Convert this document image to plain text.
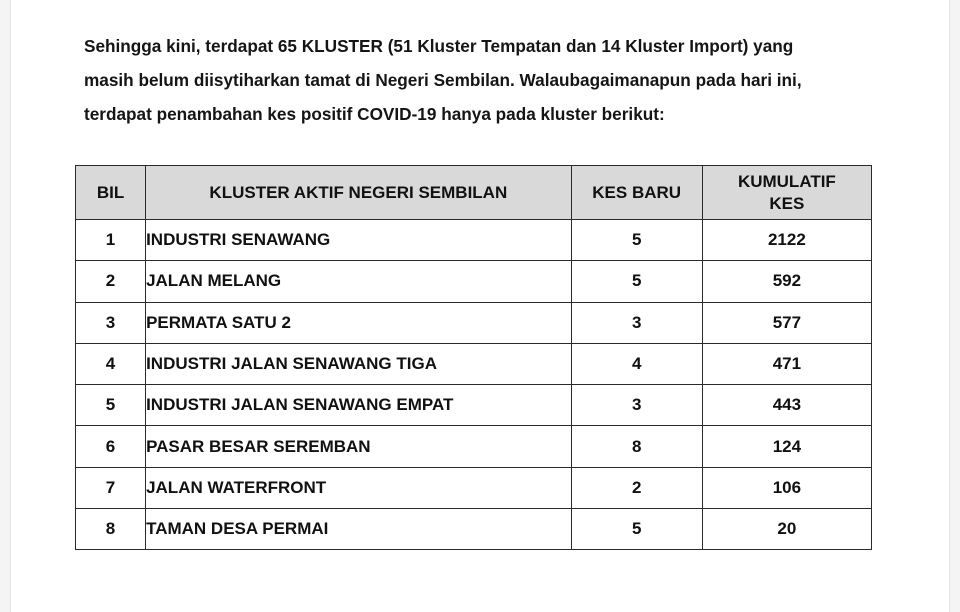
Sehingga kini, terdapat 65 KLUSTER (51 Kluster Tempatan dan 14 Kluster Import) yang
masih belum diisytiharkan tamat di Negeri Sembilan. Walaubagaimanapun pada hari ini,
terdapat penambahan kes positif COVID-19 hanya pada kluster berikut:

BIL	KLUSTER AKTIF NEGERI SEMBILAN	KES BARU	KUMULATIF
KES

1	INDUSTRI SENAWANG	5	2122
2	JALAN MELANG	5	592
3	PERMATA SATU 2	3	577
4	INDUSTRI JALAN SENAWANG TIGA	4	471
5	INDUSTRI JALAN SENAWANG EMPAT	3	443
6	PASAR BESAR SEREMBAN	8	124
7	JALAN WATERFRONT	2	106
8	TAMAN DESA PERMAI	5	20
